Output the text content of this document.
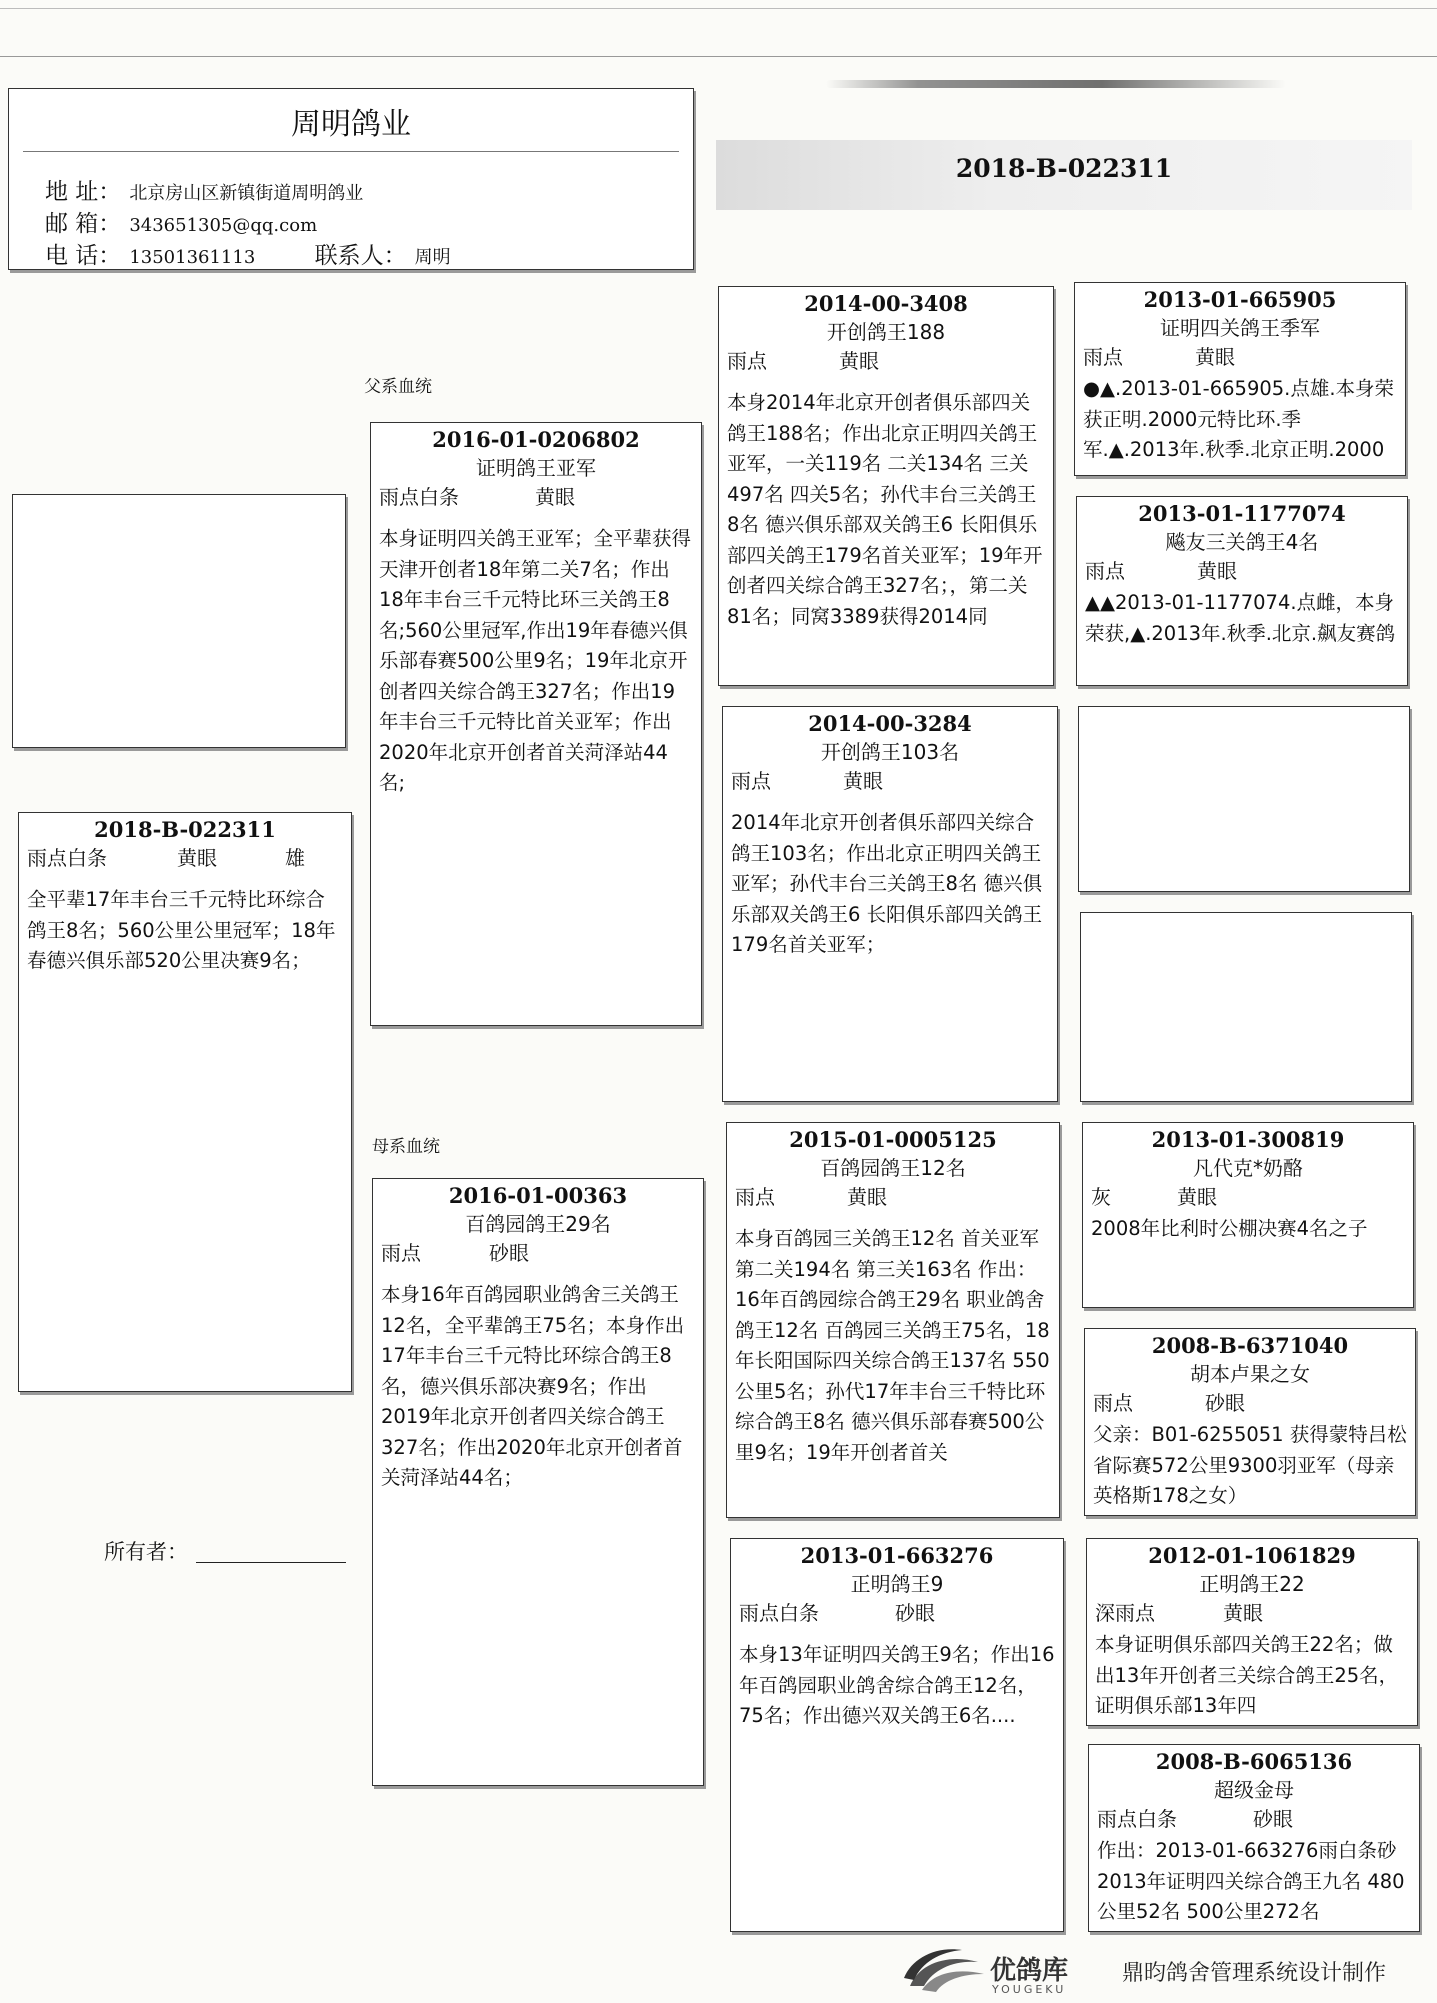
周明鸽业
地 址： 北京房山区新镇街道周明鸽业
邮 箱： 343651305@qq.com
电 话： 13501361113	联系人： 周明
2018-B-022311
父系血统
母系血统
2018-B-022311
雨点白条	黄眼	雄
全平辈17年丰台三千元特比环综合鸽王8名；560公里公里冠军；18年春德兴俱乐部520公里决赛9名；
2016-01-0206802
证明鸽王亚军
雨点白条	黄眼
本身证明四关鸽王亚军；全平辈获得天津开创者18年第二关7名；作出18年丰台三千元特比环三关鸽王8名;560公里冠军,作出19年春德兴俱乐部春赛500公里9名；19年北京开创者四关综合鸽王327名；作出19年丰台三千元特比首关亚军；作出2020年北京开创者首关菏泽站44名;
2016-01-00363
百鸽园鸽王29名
雨点	砂眼
本身16年百鸽园职业鸽舍三关鸽王12名，全平辈鸽王75名；本身作出17年丰台三千元特比环综合鸽王8名，德兴俱乐部决赛9名；作出2019年北京开创者四关综合鸽王327名；作出2020年北京开创者首关菏泽站44名；
2014-00-3408
开创鸽王188
雨点	黄眼
本身2014年北京开创者俱乐部四关鸽王188名；作出北京正明四关鸽王亚军，一关119名 二关134名 三关497名 四关5名；孙代丰台三关鸽王8名 德兴俱乐部双关鸽王6 长阳俱乐部四关鸽王179名首关亚军；19年开创者四关综合鸽王327名；，第二关81名；同窝3389获得2014同
2014-00-3284
开创鸽王103名
雨点	黄眼
2014年北京开创者俱乐部四关综合鸽王103名；作出北京正明四关鸽王亚军；孙代丰台三关鸽王8名 德兴俱乐部双关鸽王6 长阳俱乐部四关鸽王179名首关亚军；
2015-01-0005125
百鸽园鸽王12名
雨点	黄眼
本身百鸽园三关鸽王12名 首关亚军 第二关194名 第三关163名 作出：16年百鸽园综合鸽王29名 职业鸽舍鸽王12名 百鸽园三关鸽王75名，18年长阳国际四关综合鸽王137名 550公里5名；孙代17年丰台三千特比环综合鸽王8名 德兴俱乐部春赛500公里9名；19年开创者首关
2013-01-663276
正明鸽王9
雨点白条	砂眼
本身13年证明四关鸽王9名；作出16年百鸽园职业鸽舍综合鸽王12名，75名；作出德兴双关鸽王6名....
2013-01-665905
证明四关鸽王季军
雨点	黄眼
●▲.2013-01-665905.点雄.本身荣获正明.2000元特比环.季军.▲.2013年.秋季.北京正明.2000
2013-01-1177074
飚友三关鸽王4名
雨点	黄眼
▲▲2013-01-1177074.点雌，本身荣获,▲.2013年.秋季.北京.飙友赛鸽
2013-01-300819
凡代克*奶酪
灰	黄眼
2008年比利时公棚决赛4名之子
2008-B-6371040
胡本卢果之女
雨点	砂眼
父亲：B01-6255051 获得蒙特吕松省际赛572公里9300羽亚军（母亲英格斯178之女）
2012-01-1061829
正明鸽王22
深雨点	黄眼
本身证明俱乐部四关鸽王22名；做出13年开创者三关综合鸽王25名，证明俱乐部13年四
2008-B-6065136
超级金母
雨点白条	砂眼
作出：2013-01-663276雨白条砂 2013年证明四关综合鸽王九名 480公里52名 500公里272名
所有者：
优鸽库
YOUGEKU
鼎昀鸽舍管理系统设计制作
